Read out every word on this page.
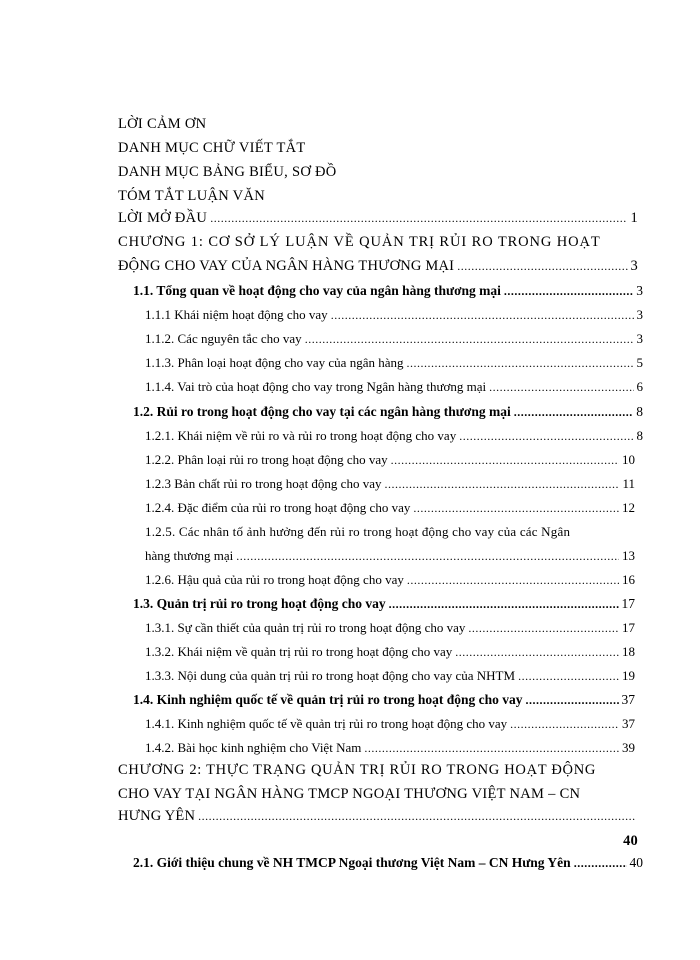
LỜI CẢM ƠN
DANH MỤC CHỮ VIẾT TẮT
DANH MỤC BẢNG BIỂU, SƠ ĐỒ
TÓM TẮT LUẬN VĂN
LỜI MỞ ĐẦU .....	1
CHƯƠNG 1: CƠ SỞ LÝ LUẬN VỀ QUẢN TRỊ RỦI RO TRONG HOẠT
ĐỘNG CHO VAY CỦA NGÂN HÀNG THƯƠNG MẠI .....	3
1.1. Tổng quan về hoạt động cho vay của ngân hàng thương mại .....	3
1.1.1 Khái niệm hoạt động cho vay .....	3
1.1.2. Các nguyên tắc cho vay .....	3
1.1.3. Phân loại hoạt động cho vay của ngân hàng .....	5
1.1.4. Vai trò của hoạt động cho vay trong Ngân hàng thương mại .....	6
1.2. Rủi ro trong hoạt động cho vay tại các ngân hàng thương mại .....	8
1.2.1. Khái niệm về rủi ro và rủi ro trong hoạt động cho vay .....	8
1.2.2. Phân loại rủi ro trong hoạt động cho vay .....	10
1.2.3 Bản chất rủi ro trong hoạt động cho vay .....	11
1.2.4. Đặc điểm của rủi ro trong hoạt động cho vay .....	12
1.2.5. Các nhân tố ảnh hưởng đến rủi ro trong hoạt động cho vay của các Ngân
hàng thương mại .....	13
1.2.6. Hậu quả của rủi ro trong hoạt động cho vay .....	16
1.3. Quản trị rủi ro trong hoạt động cho vay .....	17
1.3.1. Sự cần thiết của quản trị rủi ro trong hoạt động cho vay .....	17
1.3.2. Khái niệm về quản trị rủi ro trong hoạt động cho vay .....	18
1.3.3. Nội dung của quản trị rủi ro trong hoạt động cho vay của NHTM .....	19
1.4. Kinh nghiệm quốc tế về quản trị rủi ro trong hoạt động cho vay .....	37
1.4.1. Kinh nghiệm quốc tế về quản trị rủi ro trong hoạt động cho vay .....	37
1.4.2. Bài học kinh nghiệm cho Việt Nam .....	39
CHƯƠNG 2: THỰC TRẠNG QUẢN TRỊ RỦI RO TRONG HOẠT ĐỘNG
CHO VAY TẠI NGÂN HÀNG TMCP NGOẠI THƯƠNG VIỆT NAM – CN
HƯNG YÊN
.....
40
2.1. Giới thiệu chung về NH TMCP Ngoại thương Việt Nam – CN Hưng Yên .....	40
